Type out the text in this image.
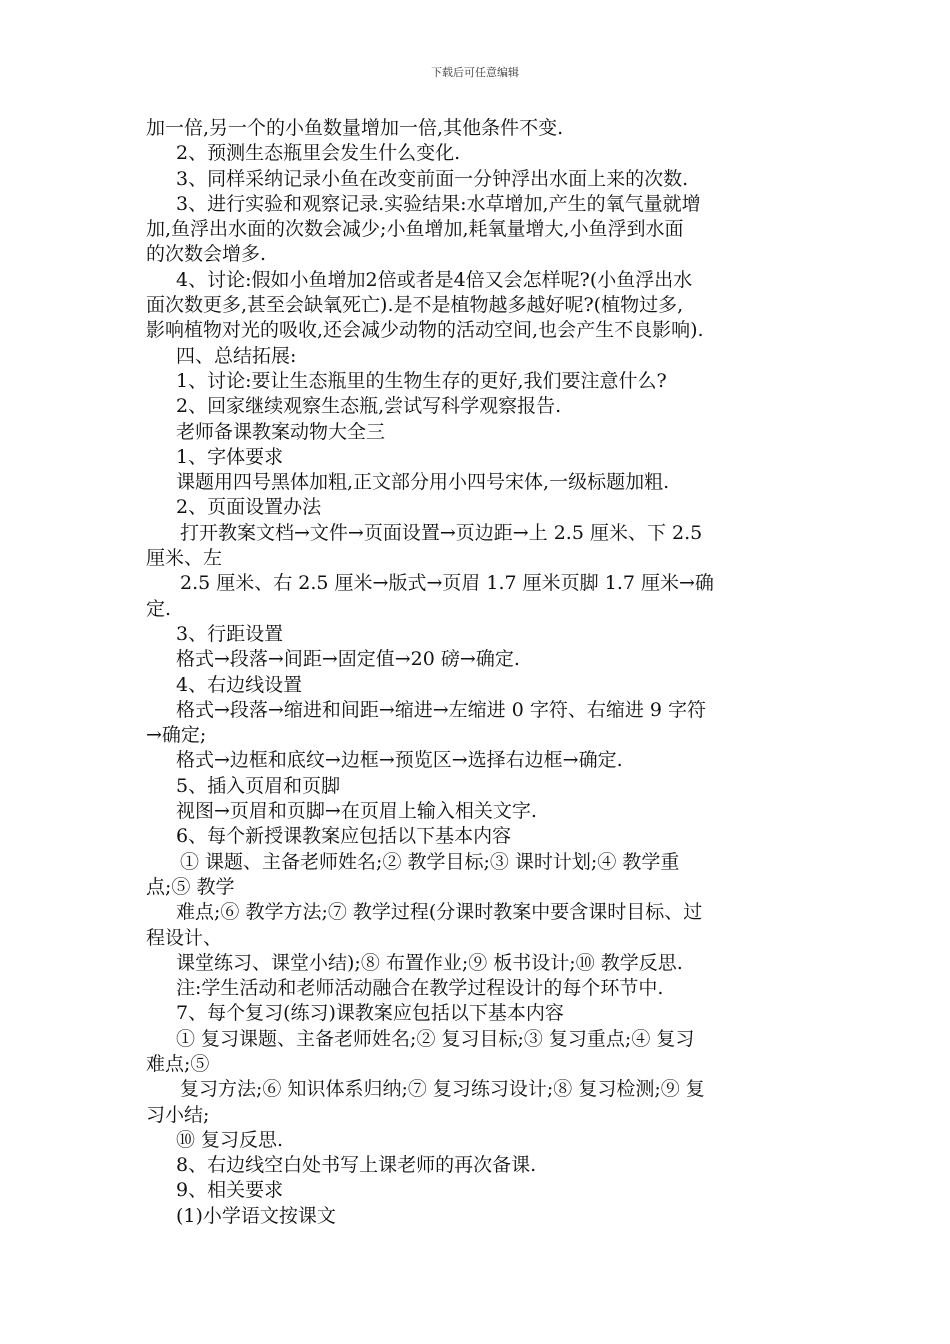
下载后可任意编辑
加一倍,另一个的小鱼数量增加一倍,其他条件不变.
2、预测生态瓶里会发生什么变化.
3、同样采纳记录小鱼在改变前面一分钟浮出水面上来的次数.
3、进行实验和观察记录.实验结果:水草增加,产生的氧气量就增
加,鱼浮出水面的次数会减少;小鱼增加,耗氧量增大,小鱼浮到水面
的次数会增多.
4、讨论:假如小鱼增加2倍或者是4倍又会怎样呢?(小鱼浮出水
面次数更多,甚至会缺氧死亡).是不是植物越多越好呢?(植物过多,
影响植物对光的吸收,还会减少动物的活动空间,也会产生不良影响).
四、总结拓展:
1、讨论:要让生态瓶里的生物生存的更好,我们要注意什么?
2、回家继续观察生态瓶,尝试写科学观察报告.
老师备课教案动物大全三
1、字体要求
课题用四号黑体加粗,正文部分用小四号宋体,一级标题加粗.
2、页面设置办法
打开教案文档→文件→页面设置→页边距→上 2.5 厘米、下 2.5
厘米、左
2.5 厘米、右 2.5 厘米→版式→页眉 1.7 厘米页脚 1.7 厘米→确
定.
3、行距设置
格式→段落→间距→固定值→20 磅→确定.
4、右边线设置
格式→段落→缩进和间距→缩进→左缩进 0 字符、右缩进 9 字符
→确定;
格式→边框和底纹→边框→预览区→选择右边框→确定.
5、插入页眉和页脚
视图→页眉和页脚→在页眉上输入相关文字.
6、每个新授课教案应包括以下基本内容
① 课题、主备老师姓名;② 教学目标;③ 课时计划;④ 教学重
点;⑤ 教学
难点;⑥ 教学方法;⑦ 教学过程(分课时教案中要含课时目标、过
程设计、
课堂练习、课堂小结);⑧ 布置作业;⑨ 板书设计;⑩ 教学反思.
注:学生活动和老师活动融合在教学过程设计的每个环节中.
7、每个复习(练习)课教案应包括以下基本内容
① 复习课题、主备老师姓名;② 复习目标;③ 复习重点;④ 复习
难点;⑤
复习方法;⑥ 知识体系归纳;⑦ 复习练习设计;⑧ 复习检测;⑨ 复
习小结;
⑩ 复习反思.
8、右边线空白处书写上课老师的再次备课.
9、相关要求
(1)小学语文按课文
